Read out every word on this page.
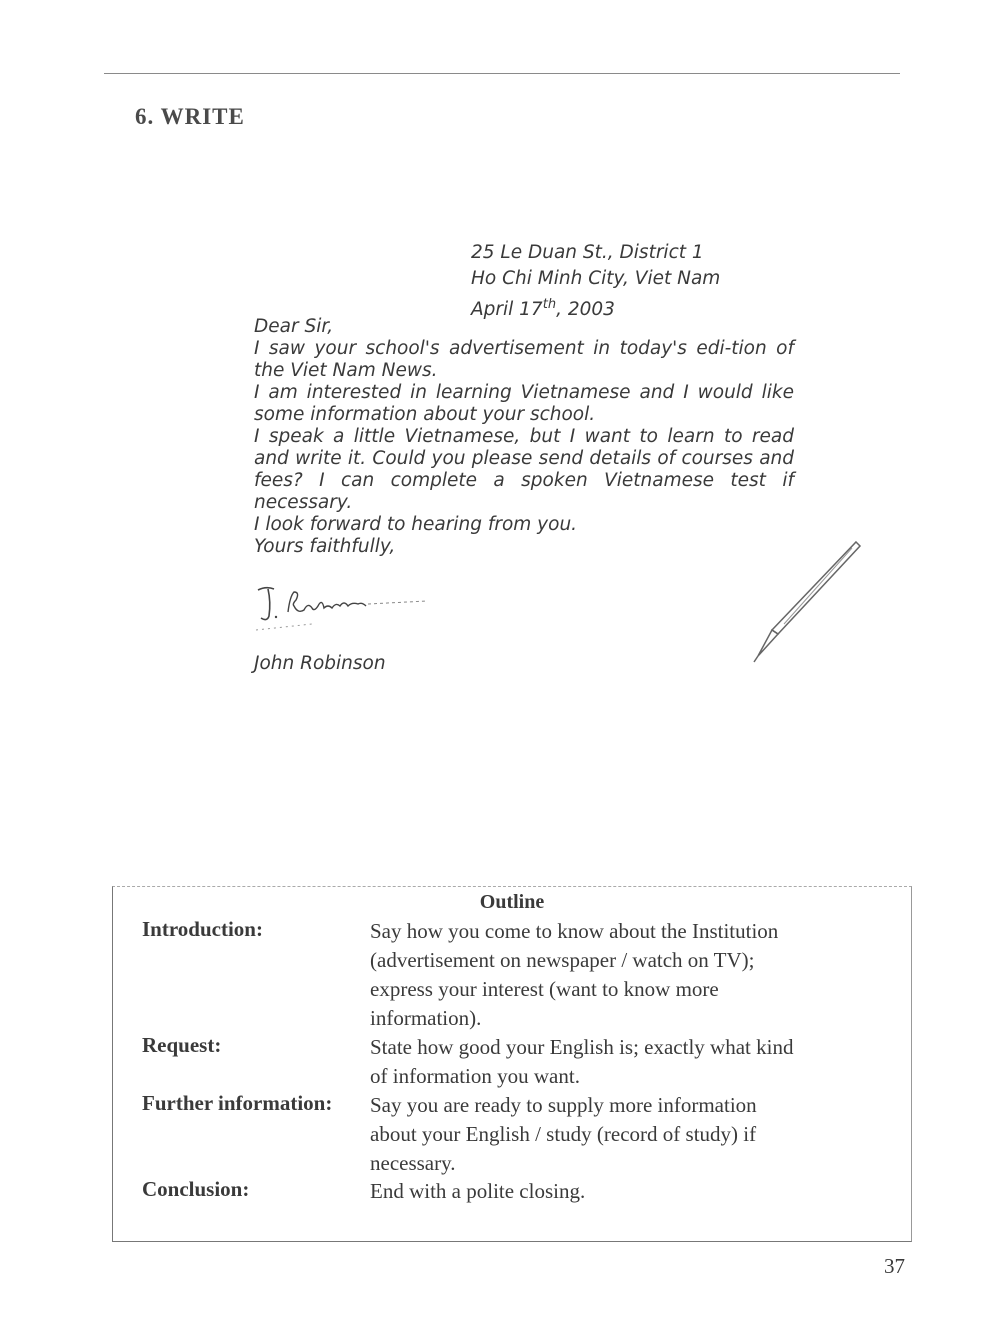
6. WRITE
25 Le Duan St., District 1
Ho Chi Minh City, Viet Nam
April 17th, 2003

Dear Sir,

I saw your school's advertisement in today's edi-tion of the Viet Nam News.

I am interested in learning Vietnamese and I would like some information about your school.

I speak a little Vietnamese, but I want to learn to read and write it. Could you please send details of courses and fees? I can complete a spoken Vietnamese test if necessary.

I look forward to hearing from you.

Yours faithfully,

John Robinson
Outline
Introduction:	Say how you come to know about the Institution
(advertisement on newspaper / watch on TV);
express your interest (want to know more
information).
Request:	State how good your English is; exactly what kind
of information you want.
Further information: Say you are ready to supply more information
about your English / study (record of study) if
necessary.
Conclusion:	End with a polite closing.
37
